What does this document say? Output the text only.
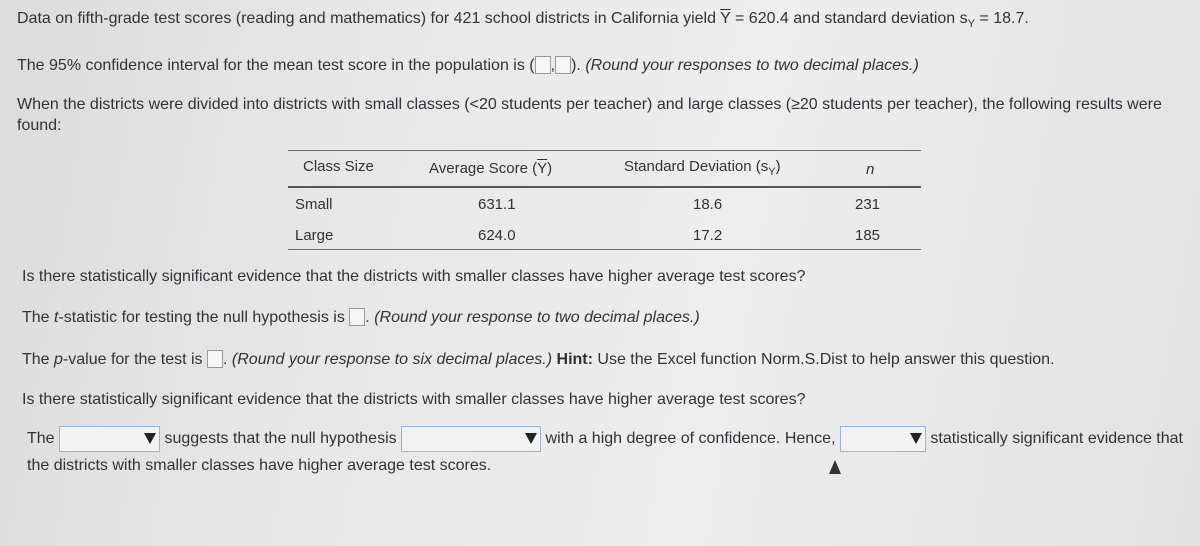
Data on fifth-grade test scores (reading and mathematics) for 421 school districts in California yield $\overline{Y} = 620.4$ and standard deviation $s_Y = 18.7$.
The 95% confidence interval for the mean test score in the population is ( , ). (Round your responses to two decimal places.)
When the districts were divided into districts with small classes (<20 students per teacher) and large classes (≥20 students per teacher), the following results were
found:
Class Size	Average Score $(\overline{Y})$	Standard Deviation $(s_Y)$	n
Small	631.1	18.6	231
Large	624.0	17.2	185
Is there statistically significant evidence that the districts with smaller classes have higher average test scores?
The t-statistic for testing the null hypothesis is . (Round your response to two decimal places.)
The p-value for the test is . (Round your response to six decimal places.) Hint: Use the Excel function Norm.S.Dist to help answer this question.
Is there statistically significant evidence that the districts with smaller classes have higher average test scores?
The	suggests that the null hypothesis	with a high degree of confidence. Hence,	statistically significant evidence that
the districts with smaller classes have higher average test scores.
